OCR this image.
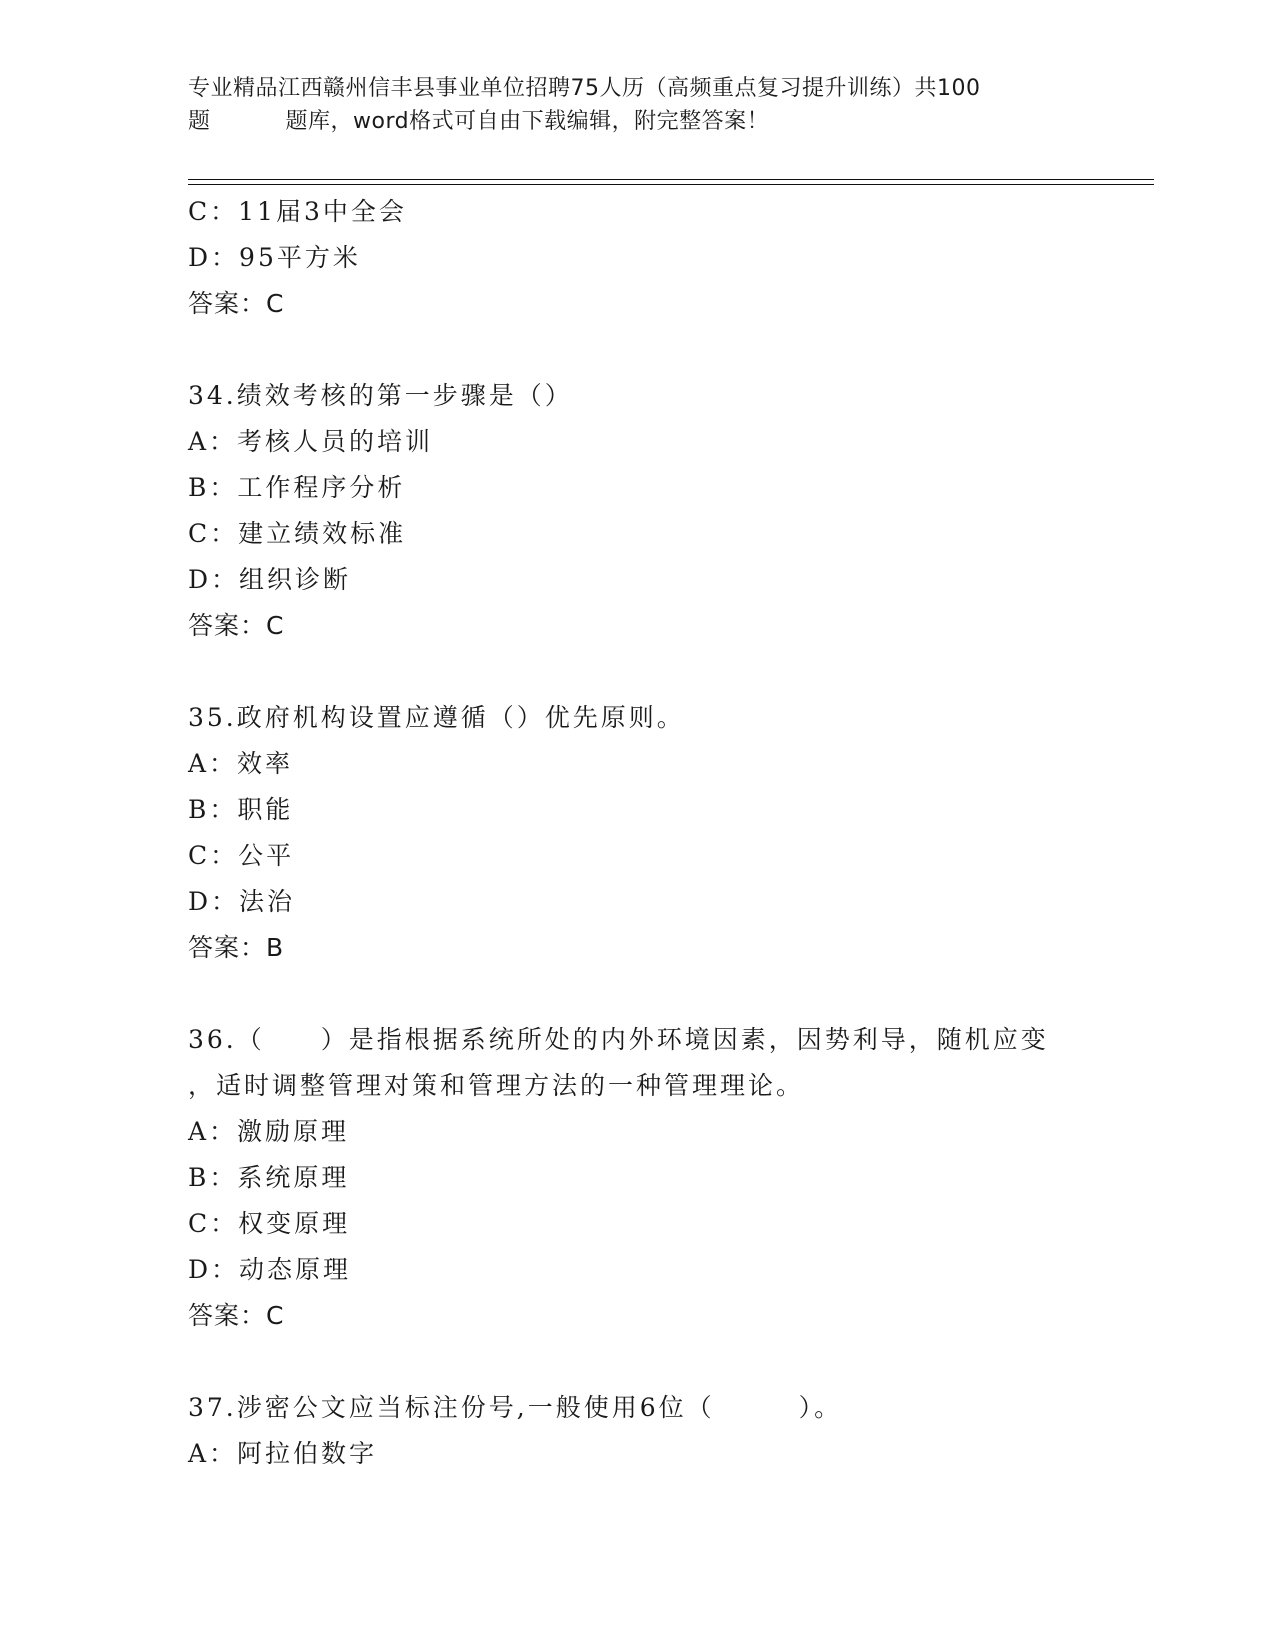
专业精品江西赣州信丰县事业单位招聘75人历（高频重点复习提升训练）共100
题	题库，word格式可自由下载编辑，附完整答案！
C：11届3中全会
D：95平方米
答案：C
34.绩效考核的第一步骤是（）
A：考核人员的培训
B：工作程序分析
C：建立绩效标准
D：组织诊断
答案：C
35.政府机构设置应遵循（）优先原则。
A：效率
B：职能
C：公平
D：法治
答案：B
36.（　　）是指根据系统所处的内外环境因素，因势利导，随机应变
，适时调整管理对策和管理方法的一种管理理论。
A：激励原理
B：系统原理
C：权变原理
D：动态原理
答案：C
37.涉密公文应当标注份号,一般使用6位（　　　）。
A：阿拉伯数字
